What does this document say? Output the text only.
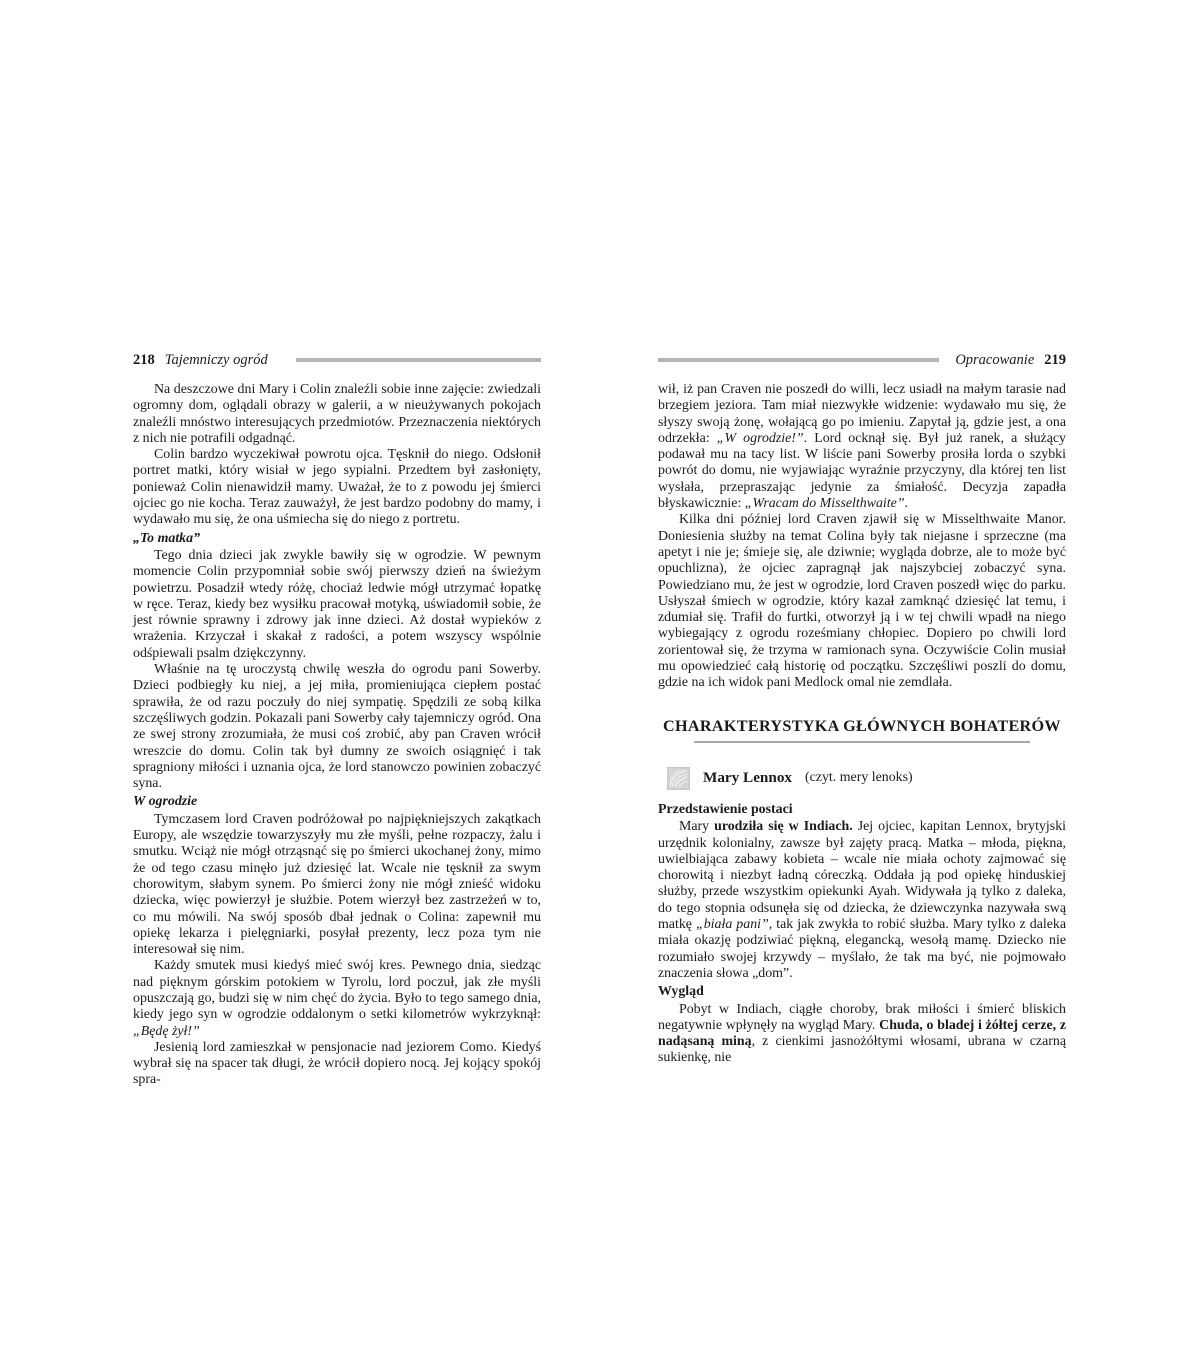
218 Tajemniczy ogród

Na deszczowe dni Mary i Colin znaleźli sobie inne zajęcie: zwiedzali ogromny dom, oglądali obrazy w galerii, a w nieużywanych pokojach znaleźli mnóstwo interesujących przedmiotów. Przeznaczenia niektórych z nich nie potrafili odgadnąć.

Colin bardzo wyczekiwał powrotu ojca. Tęsknił do niego. Odsłonił portret matki, który wisiał w jego sypialni. Przedtem był zasłonięty, ponieważ Colin nienawidził mamy. Uważał, że to z powodu jej śmierci ojciec go nie kocha. Teraz zauważył, że jest bardzo podobny do mamy, i wydawało mu się, że ona uśmiecha się do niego z portretu.

„To matka”

Tego dnia dzieci jak zwykle bawiły się w ogrodzie. W pewnym momencie Colin przypomniał sobie swój pierwszy dzień na świeżym powietrzu. Posadził wtedy różę, chociaż ledwie mógł utrzymać łopatkę w ręce. Teraz, kiedy bez wysiłku pracował motyką, uświadomił sobie, że jest równie sprawny i zdrowy jak inne dzieci. Aż dostał wypieków z wrażenia. Krzyczał i skakał z radości, a potem wszyscy wspólnie odśpiewali psalm dziękczynny.

Właśnie na tę uroczystą chwilę weszła do ogrodu pani Sowerby. Dzieci podbiegły ku niej, a jej miła, promieniująca ciepłem postać sprawiła, że od razu poczuły do niej sympatię. Spędzili ze sobą kilka szczęśliwych godzin. Pokazali pani Sowerby cały tajemniczy ogród. Ona ze swej strony zrozumiała, że musi coś zrobić, aby pan Craven wrócił wreszcie do domu. Colin tak był dumny ze swoich osiągnięć i tak spragniony miłości i uznania ojca, że lord stanowczo powinien zobaczyć syna.

W ogrodzie

Tymczasem lord Craven podróżował po najpiękniejszych zakątkach Europy, ale wszędzie towarzyszyły mu złe myśli, pełne rozpaczy, żalu i smutku. Wciąż nie mógł otrząsnąć się po śmierci ukochanej żony, mimo że od tego czasu minęło już dziesięć lat. Wcale nie tęsknił za swym chorowitym, słabym synem. Po śmierci żony nie mógł znieść widoku dziecka, więc powierzył je służbie. Potem wierzył bez zastrzeżeń w to, co mu mówili. Na swój sposób dbał jednak o Colina: zapewnił mu opiekę lekarza i pielęgniarki, posyłał prezenty, lecz poza tym nie interesował się nim.

Każdy smutek musi kiedyś mieć swój kres. Pewnego dnia, siedząc nad pięknym górskim potokiem w Tyrolu, lord poczuł, jak złe myśli opuszczają go, budzi się w nim chęć do życia. Było to tego samego dnia, kiedy jego syn w ogrodzie oddalonym o setki kilometrów wykrzyknął: „Będę żył!”

Jesienią lord zamieszkał w pensjonacie nad jeziorem Como. Kiedyś wybrał się na spacer tak długi, że wrócił dopiero nocą. Jej kojący spokój spra-

Opracowanie 219

wił, iż pan Craven nie poszedł do willi, lecz usiadł na małym tarasie nad brzegiem jeziora. Tam miał niezwykłe widzenie: wydawało mu się, że słyszy swoją żonę, wołającą go po imieniu. Zapytał ją, gdzie jest, a ona odrzekła: „W ogrodzie!”. Lord ocknął się. Był już ranek, a służący podawał mu na tacy list. W liście pani Sowerby prosiła lorda o szybki powrót do domu, nie wyjawiając wyraźnie przyczyny, dla której ten list wysłała, przepraszając jedynie za śmiałość. Decyzja zapadła błyskawicznie: „Wracam do Misselthwaite”.

Kilka dni później lord Craven zjawił się w Misselthwaite Manor. Doniesienia służby na temat Colina były tak niejasne i sprzeczne (ma apetyt i nie je; śmieje się, ale dziwnie; wygląda dobrze, ale to może być opuchlizna), że ojciec zapragnął jak najszybciej zobaczyć syna. Powiedziano mu, że jest w ogrodzie, lord Craven poszedł więc do parku. Usłyszał śmiech w ogrodzie, który kazał zamknąć dziesięć lat temu, i zdumiał się. Trafił do furtki, otworzył ją i w tej chwili wpadł na niego wybiegający z ogrodu roześmiany chłopiec. Dopiero po chwili lord zorientował się, że trzyma w ramionach syna. Oczywiście Colin musiał mu opowiedzieć całą historię od początku. Szczęśliwi poszli do domu, gdzie na ich widok pani Medlock omal nie zemdlała.

CHARAKTERYSTYKA GŁÓWNYCH BOHATERÓW
Mary Lennox (czyt. mery lenoks)
Przedstawienie postaci

Mary urodziła się w Indiach. Jej ojciec, kapitan Lennox, brytyjski urzędnik kolonialny, zawsze był zajęty pracą. Matka – młoda, piękna, uwielbiająca zabawy kobieta – wcale nie miała ochoty zajmować się chorowitą i niezbyt ładną córeczką. Oddała ją pod opiekę hinduskiej służby, przede wszystkim opiekunki Ayah. Widywała ją tylko z daleka, do tego stopnia odsunęła się od dziecka, że dziewczynka nazywała swą matkę „biała pani”, tak jak zwykła to robić służba. Mary tylko z daleka miała okazję podziwiać piękną, elegancką, wesołą mamę. Dziecko nie rozumiało swojej krzywdy – myślało, że tak ma być, nie pojmowało znaczenia słowa „dom”.

Wygląd

Pobyt w Indiach, ciągłe choroby, brak miłości i śmierć bliskich negatywnie wpłynęły na wygląd Mary. Chuda, o bladej i żółtej cerze, z nadąsaną miną, z cienkimi jasnożółtymi włosami, ubrana w czarną sukienkę, nie
